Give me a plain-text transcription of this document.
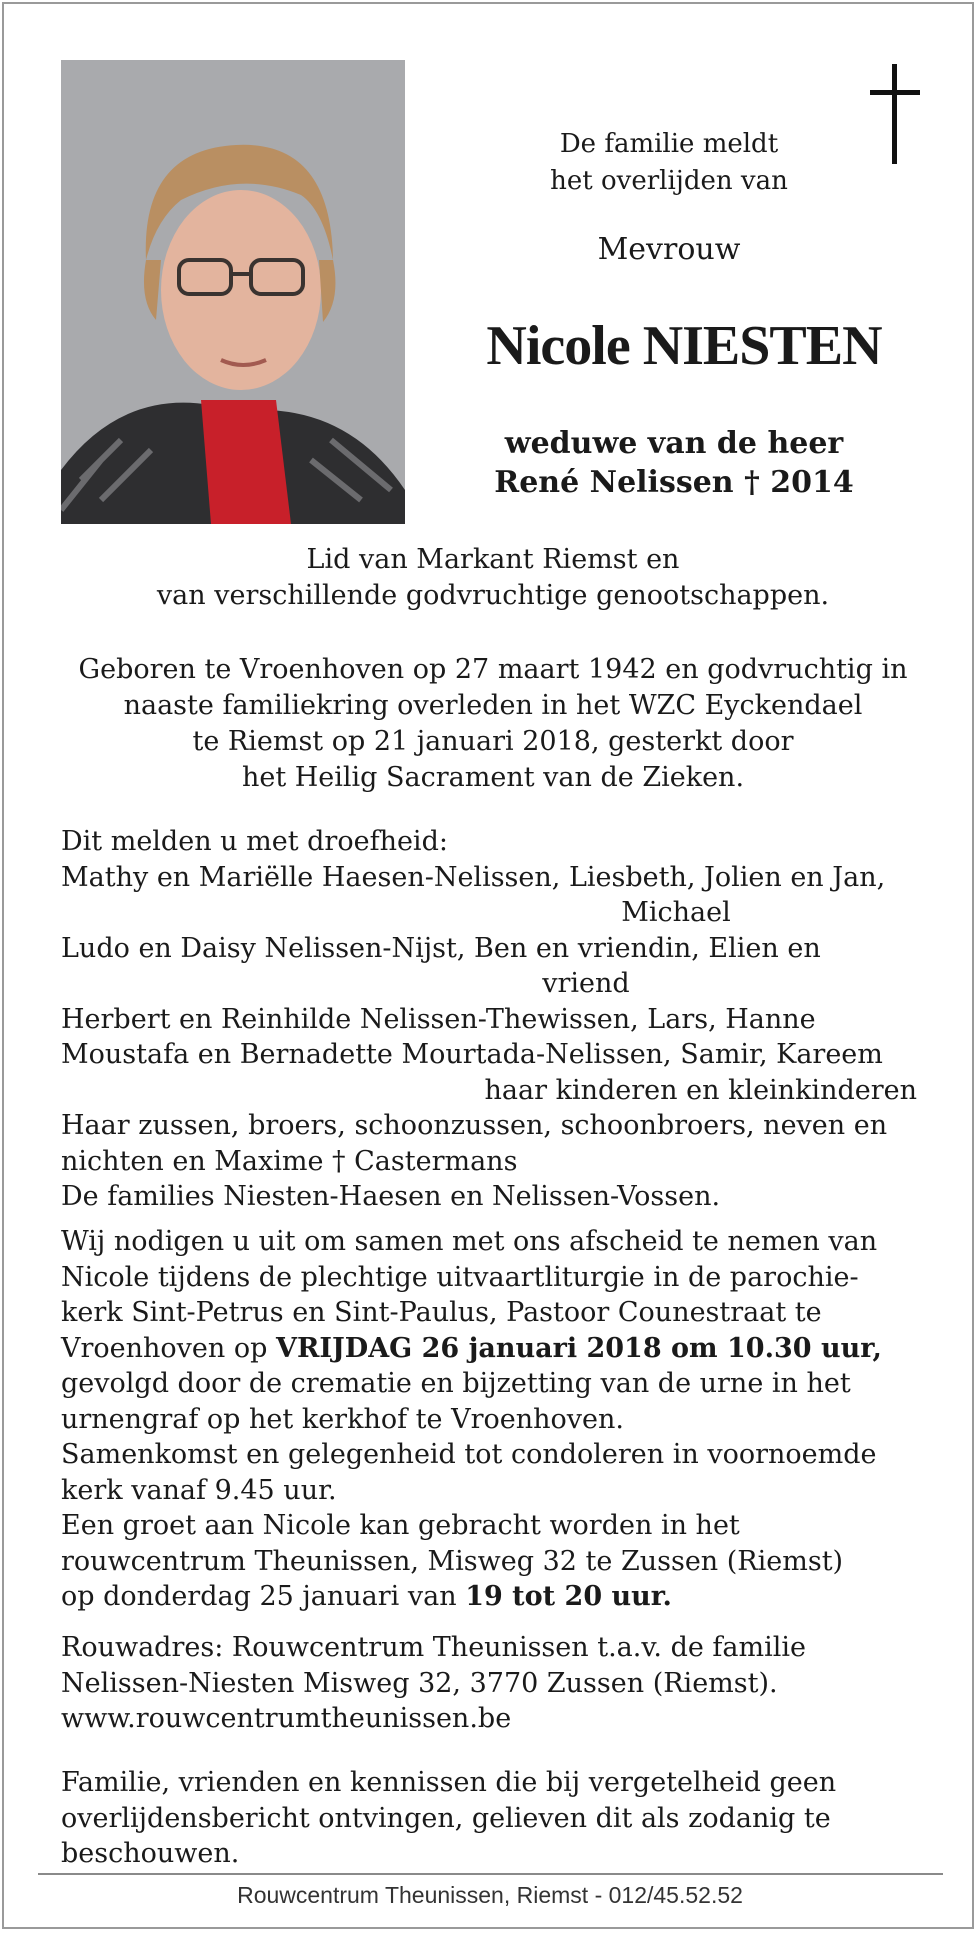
De familie meldt
het overlijden van
Mevrouw
Nicole NIESTEN
weduwe van de heer
René Nelissen † 2014
Lid van Markant Riemst en
van verschillende godvruchtige genootschappen.
Geboren te Vroenhoven op 27 maart 1942 en godvruchtig in
naaste familiekring overleden in het WZC Eyckendael
te Riemst op 21 januari 2018, gesterkt door
het Heilig Sacrament van de Zieken.

Dit melden u met droefheid:

Mathy en Mariëlle Haesen-Nelissen, Liesbeth, Jolien en Jan,

Michael

Ludo en Daisy Nelissen-Nijst, Ben en vriendin, Elien en

vriend

Herbert en Reinhilde Nelissen-Thewissen, Lars, Hanne

Moustafa en Bernadette Mourtada-Nelissen, Samir, Kareem

haar kinderen en kleinkinderen

Haar zussen, broers, schoonzussen, schoonbroers, neven en

nichten en Maxime † Castermans

De families Niesten-Haesen en Nelissen-Vossen.

Wij nodigen u uit om samen met ons afscheid te nemen van

Nicole tijdens de plechtige uitvaartliturgie in de parochie-

kerk Sint-Petrus en Sint-Paulus, Pastoor Counestraat te

Vroenhoven op VRIJDAG 26 januari 2018 om 10.30 uur,

gevolgd door de crematie en bijzetting van de urne in het

urnengraf op het kerkhof te Vroenhoven.

Samenkomst en gelegenheid tot condoleren in voornoemde

kerk vanaf 9.45 uur.

Een groet aan Nicole kan gebracht worden in het

rouwcentrum Theunissen, Misweg 32 te Zussen (Riemst)

op donderdag 25 januari van 19 tot 20 uur.

Rouwadres: Rouwcentrum Theunissen t.a.v. de familie

Nelissen-Niesten Misweg 32, 3770 Zussen (Riemst).

www.rouwcentrumtheunissen.be

Familie, vrienden en kennissen die bij vergetelheid geen

overlijdensbericht ontvingen, gelieven dit als zodanig te

beschouwen.

Rouwcentrum Theunissen, Riemst - 012/45.52.52
